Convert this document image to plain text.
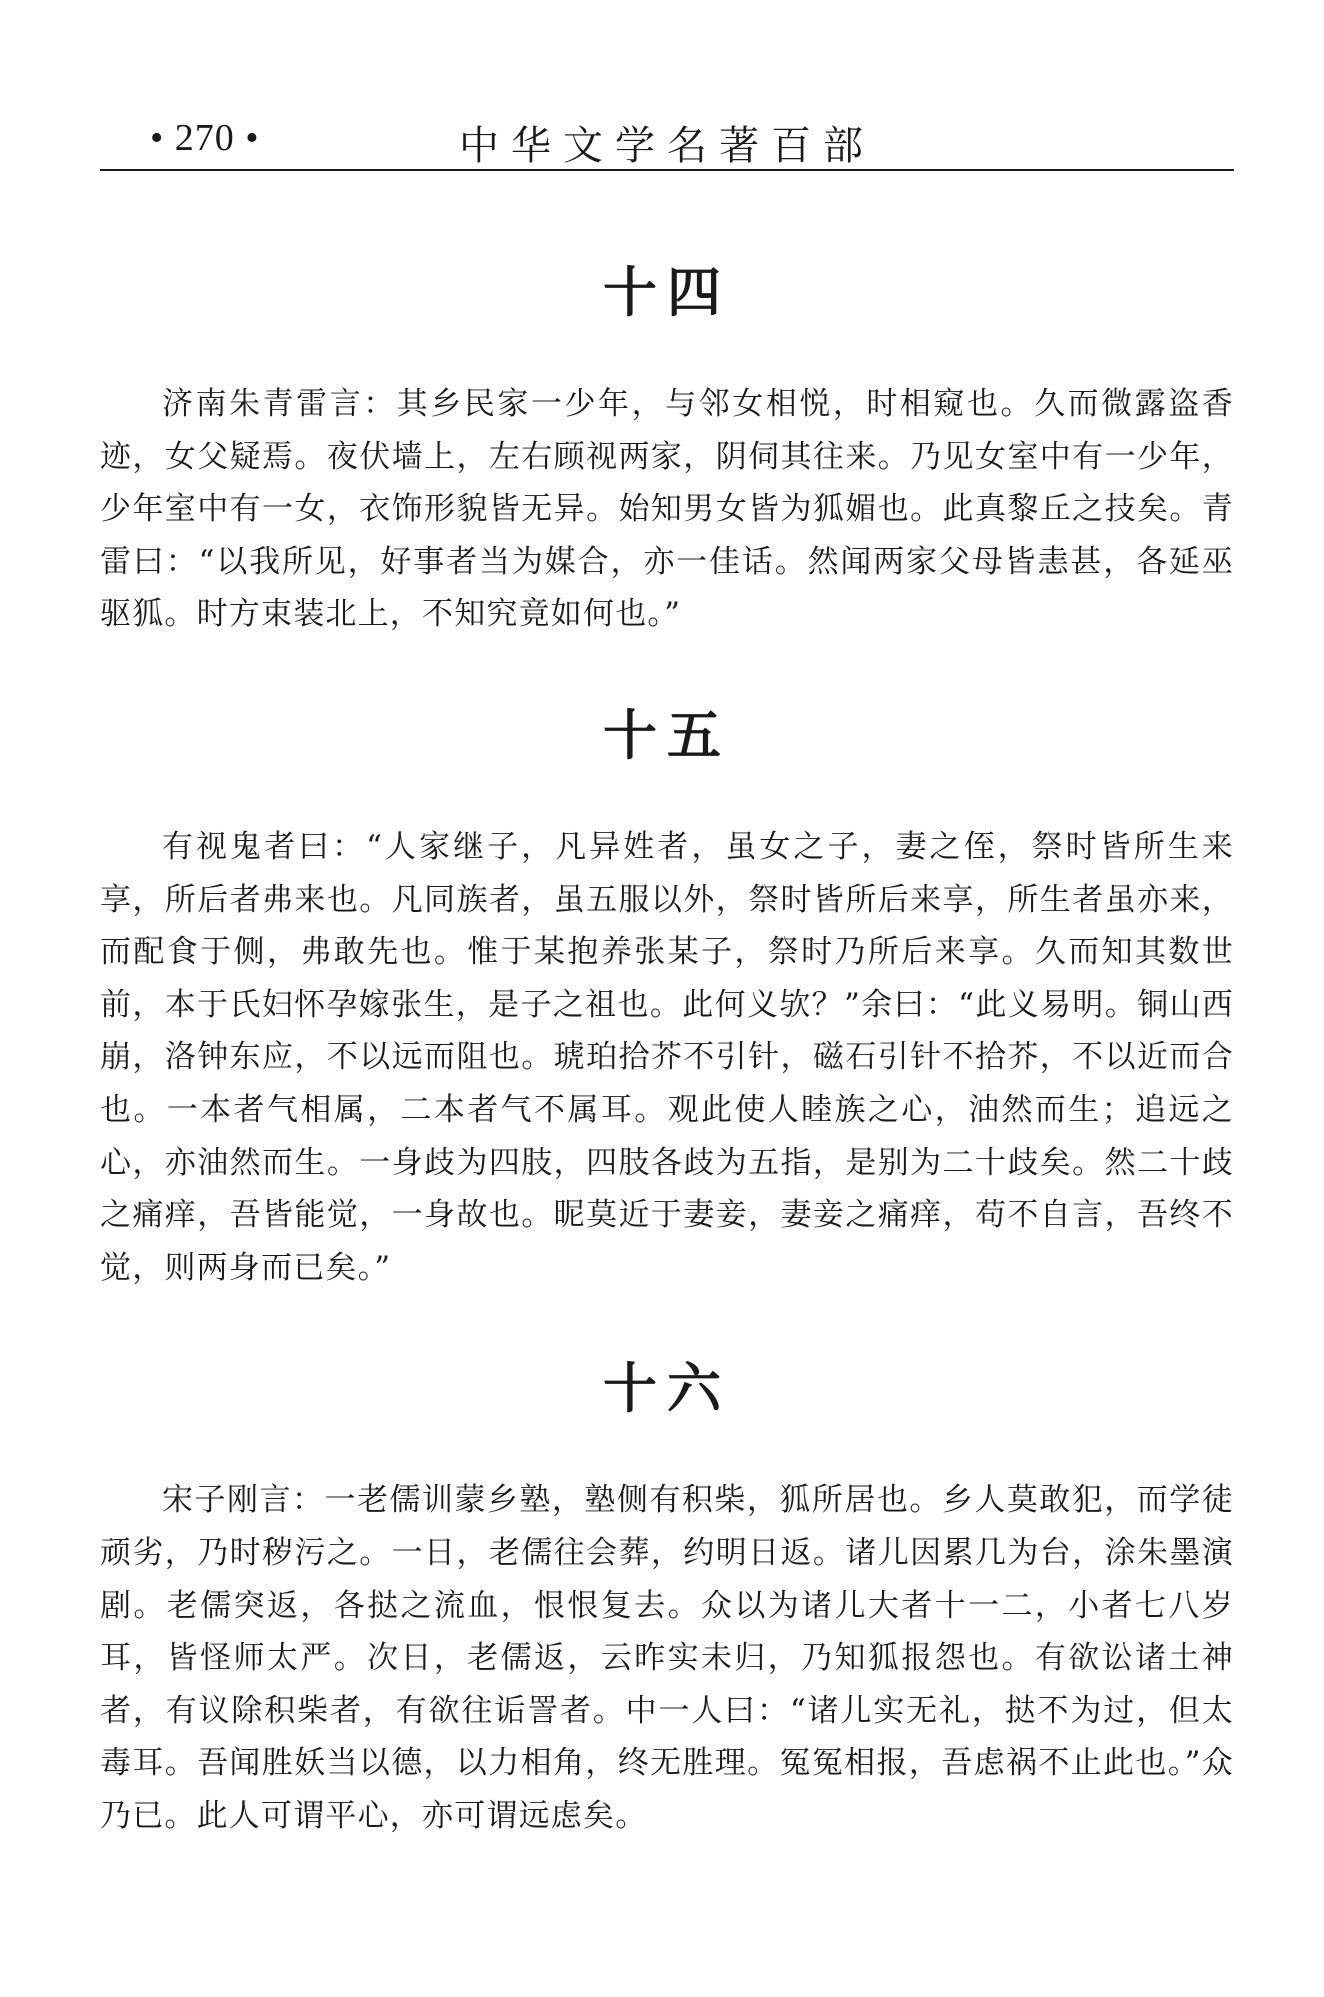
• 270 •	中华文学名著百部
十四

济南朱青雷言：其乡民家一少年，与邻女相悦，时相窥也。久而微露盗香迹，女父疑焉。夜伏墙上，左右顾视两家，阴伺其往来。乃见女室中有一少年，少年室中有一女，衣饰形貌皆无异。始知男女皆为狐媚也。此真黎丘之技矣。青雷曰：“以我所见，好事者当为媒合，亦一佳话。然闻两家父母皆恚甚，各延巫驱狐。时方束装北上，不知究竟如何也。”

十五

有视鬼者曰：“人家继子，凡异姓者，虽女之子，妻之侄，祭时皆所生来享，所后者弗来也。凡同族者，虽五服以外，祭时皆所后来享，所生者虽亦来，而配食于侧，弗敢先也。惟于某抱养张某子，祭时乃所后来享。久而知其数世前，本于氏妇怀孕嫁张生，是子之祖也。此何义欤？”余曰：“此义易明。铜山西崩，洛钟东应，不以远而阻也。琥珀拾芥不引针，磁石引针不拾芥，不以近而合也。一本者气相属，二本者气不属耳。观此使人睦族之心，油然而生；追远之心，亦油然而生。一身歧为四肢，四肢各歧为五指，是别为二十歧矣。然二十歧之痛痒，吾皆能觉，一身故也。昵莫近于妻妾，妻妾之痛痒，苟不自言，吾终不觉，则两身而已矣。”

十六

宋子刚言：一老儒训蒙乡塾，塾侧有积柴，狐所居也。乡人莫敢犯，而学徒顽劣，乃时秽污之。一日，老儒往会葬，约明日返。诸儿因累几为台，涂朱墨演剧。老儒突返，各挞之流血，恨恨复去。众以为诸儿大者十一二，小者七八岁耳，皆怪师太严。次日，老儒返，云昨实未归，乃知狐报怨也。有欲讼诸土神者，有议除积柴者，有欲往诟詈者。中一人曰：“诸儿实无礼，挞不为过，但太毒耳。吾闻胜妖当以德，以力相角，终无胜理。冤冤相报，吾虑祸不止此也。”众乃已。此人可谓平心，亦可谓远虑矣。
